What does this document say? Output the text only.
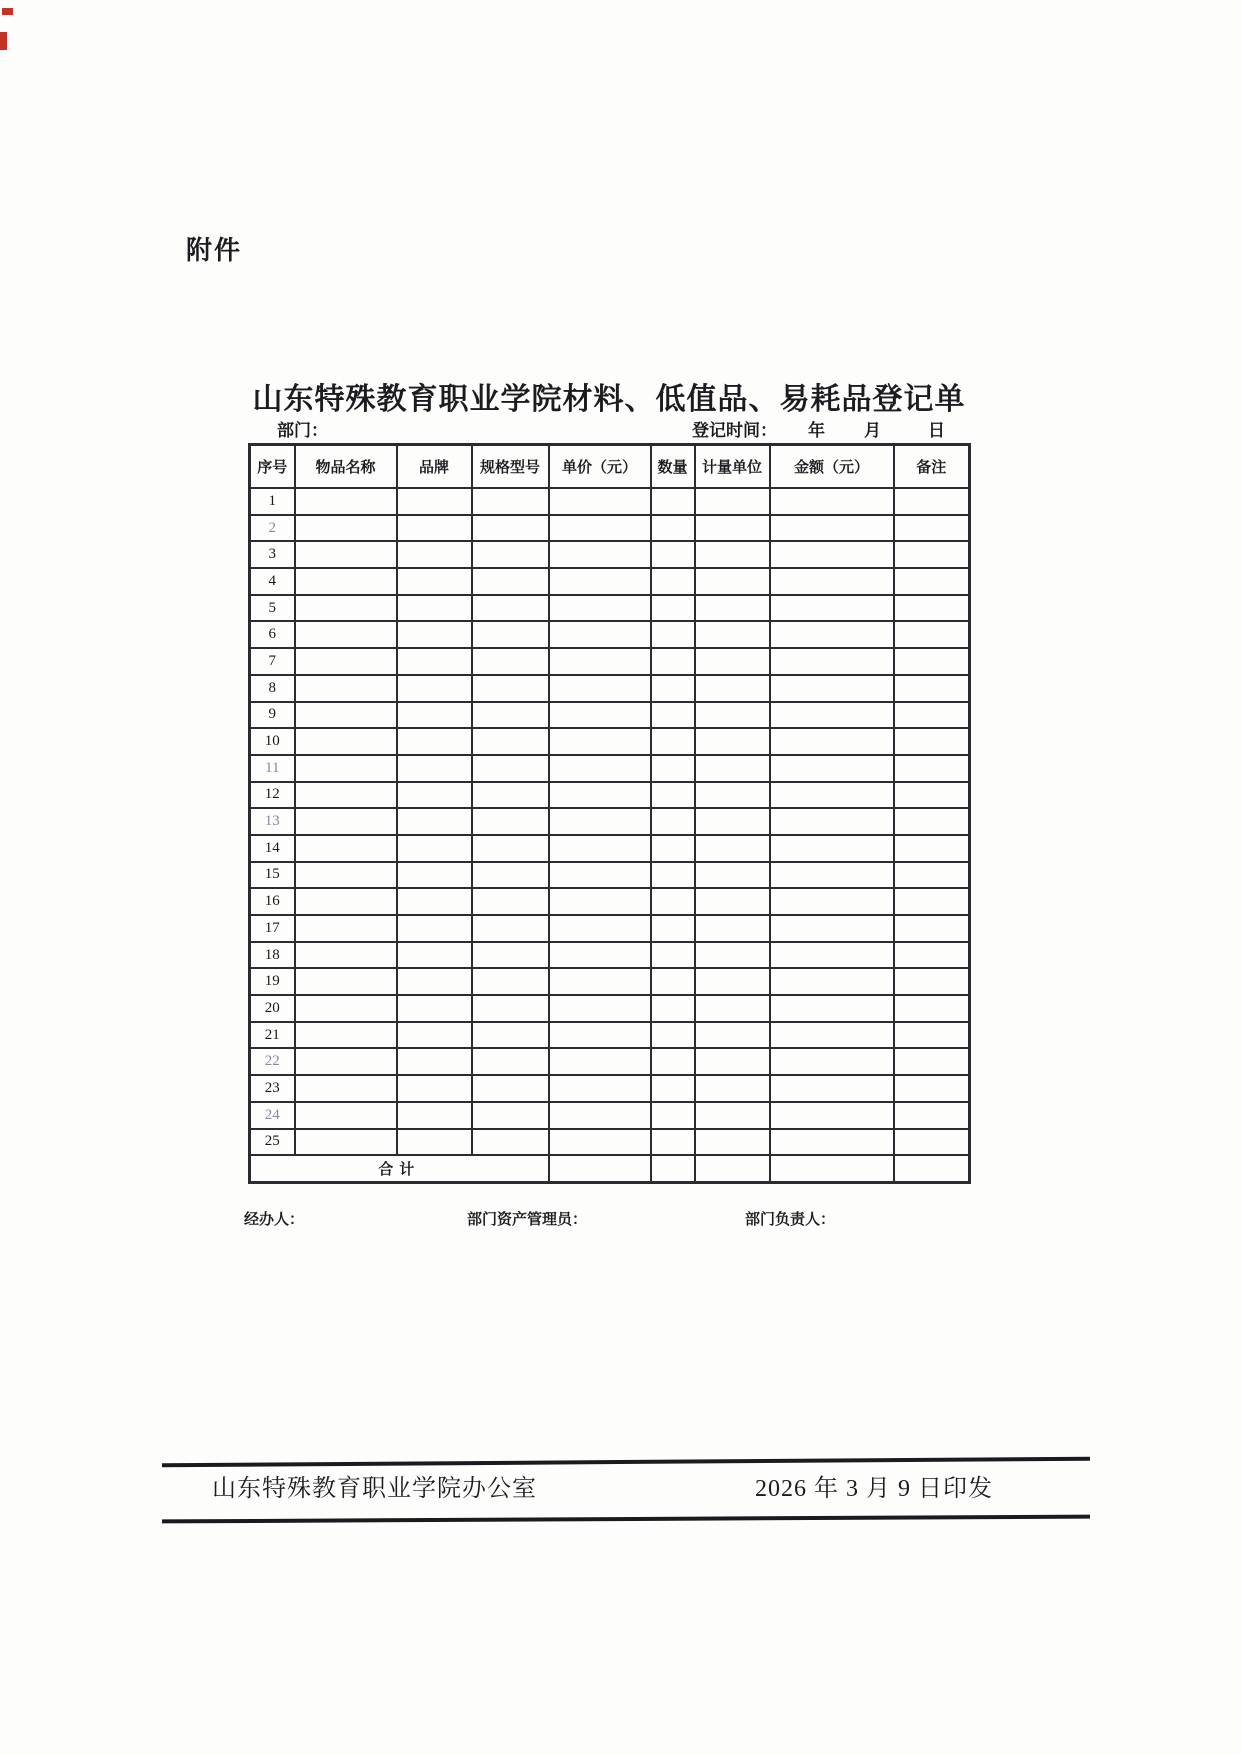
附件
山东特殊教育职业学院材料、低值品、易耗品登记单
部门：	登记时间： 年 月	日
序号	物品名称	品牌	规格型号	单价（元）	数量	计量单位	金额（元）	备注
1								
2								
3								
4								
5								
6								
7								
8								
9								
10								
11								
12								
13								
14								
15								
16								
17								
18								
19								
20								
21								
22								
23								
24								
25								
合计								
经办人：	部门资产管理员：	部门负责人：
山东特殊教育职业学院办公室	2026 年 3 月 9 日印发
